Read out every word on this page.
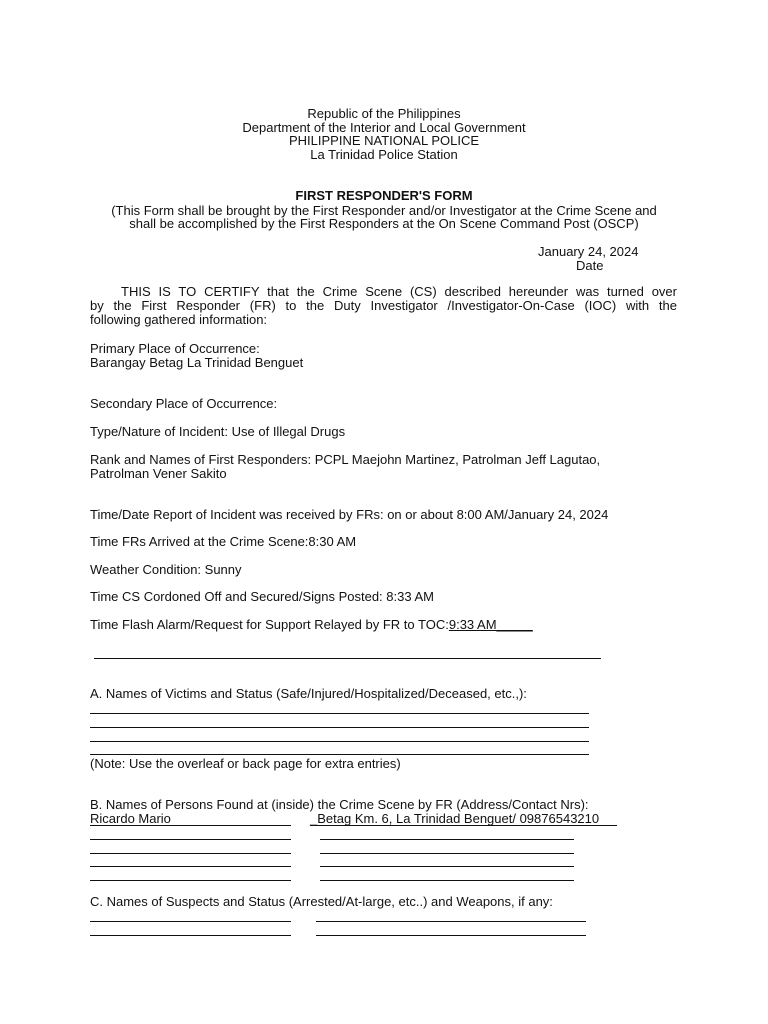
Republic of the Philippines
Department of the Interior and Local Government
PHILIPPINE NATIONAL POLICE
La Trinidad Police Station
FIRST RESPONDER'S FORM
(This Form shall be brought by the First Responder and/or Investigator at the Crime Scene and
shall be accomplished by the First Responders at the On Scene Command Post (OSCP)
January 24, 2024
Date
THIS IS TO CERTIFY that the Crime Scene (CS) described hereunder was turned over
by the First Responder (FR) to the Duty Investigator /Investigator-On-Case (IOC) with the
following gathered information:
Primary Place of Occurrence:
Barangay Betag La Trinidad Benguet
Secondary Place of Occurrence:
Type/Nature of Incident: Use of Illegal Drugs
Rank and Names of First Responders: PCPL Maejohn Martinez, Patrolman Jeff Lagutao,
Patrolman Vener Sakito
Time/Date Report of Incident was received by FRs: on or about 8:00 AM/January 24, 2024
Time FRs Arrived at the Crime Scene:8:30 AM
Weather Condition: Sunny
Time CS Cordoned Off and Secured/Signs Posted: 8:33 AM
Time Flash Alarm/Request for Support Relayed by FR to TOC:9:33 AM_____
A. Names of Victims and Status (Safe/Injured/Hospitalized/Deceased, etc.,):
(Note: Use the overleaf or back page for extra entries)
B. Names of Persons Found at (inside) the Crime Scene by FR (Address/Contact Nrs):
Ricardo Mario	_Betag Km. 6, La Trinidad Benguet/ 09876543210
C. Names of Suspects and Status (Arrested/At-large, etc..) and Weapons, if any:
